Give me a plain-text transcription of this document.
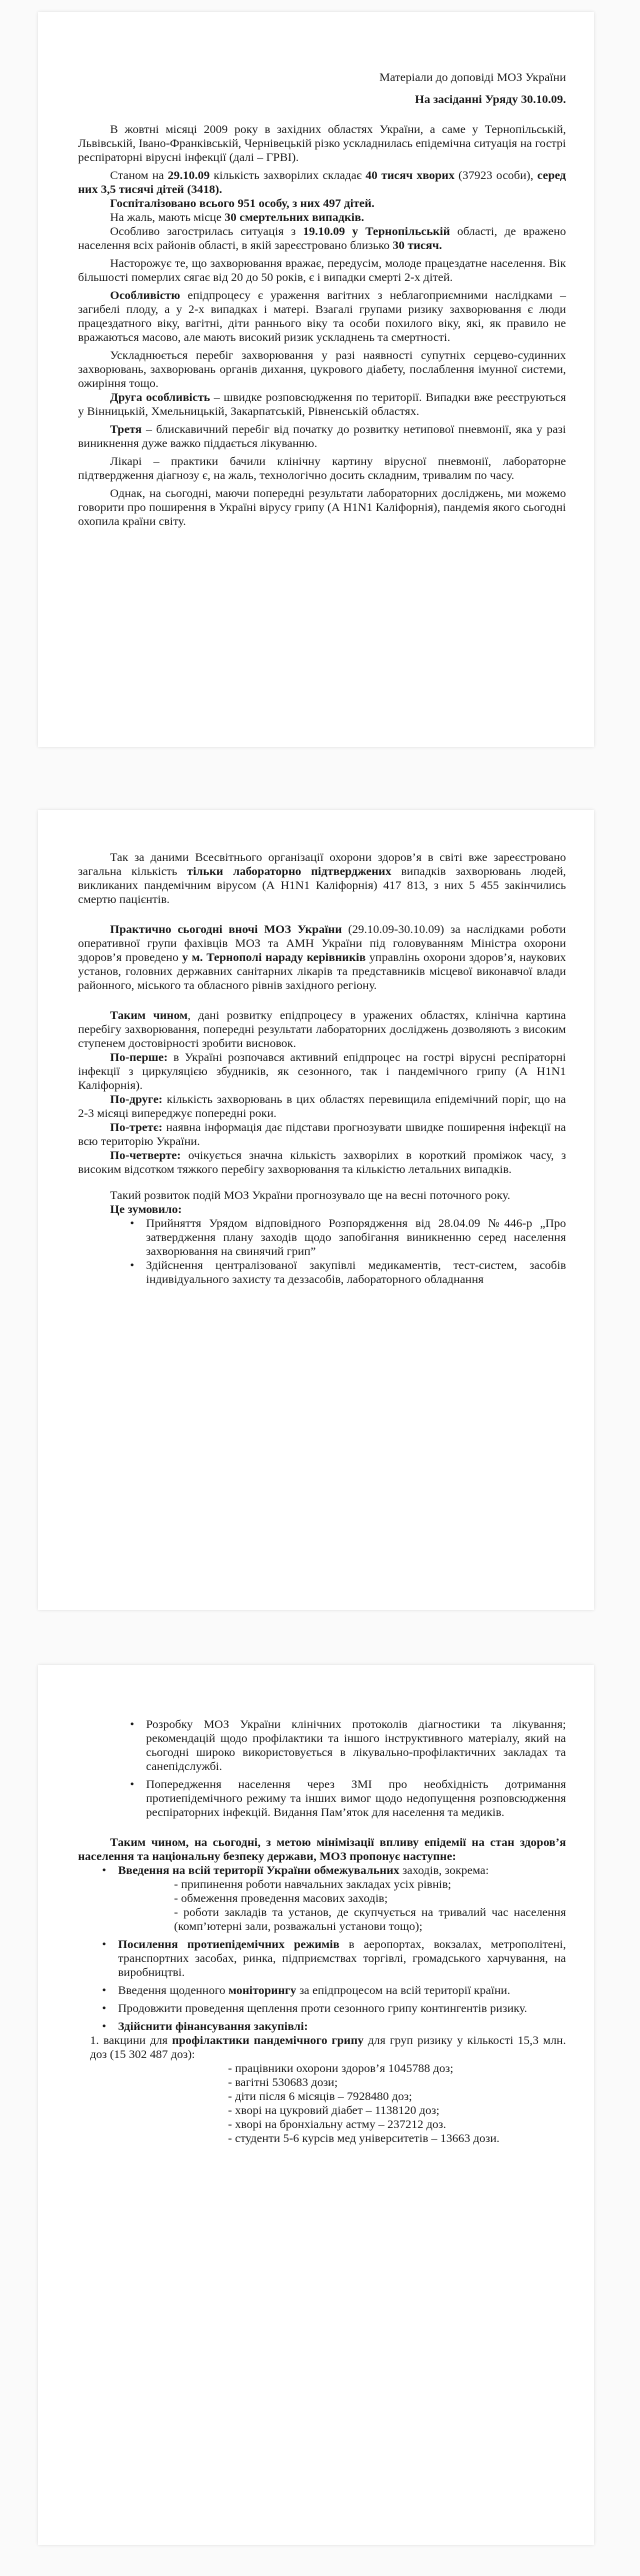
Матеріали до доповіді МОЗ України

На засіданні Уряду 30.10.09.

В жовтні місяці 2009 року в західних областях України, а саме у Тернопільській, Львівській, Івано-Франківській, Чернівецькій різко ускладнилась епідемічна ситуація на гострі респіраторні вірусні інфекції (далі – ГРВІ).

Станом на 29.10.09 кількість захворілих складає 40 тисяч хворих (37923 особи), серед них 3,5 тисячі дітей (3418).

Госпіталізовано всього 951 особу, з них 497 дітей.

На жаль, мають місце 30 смертельних випадків.

Особливо загострилась ситуація з 19.10.09 у Тернопільській області, де вражено населення всіх районів області, в якій зареєстровано близько 30 тисяч.

Насторожує те, що захворювання вражає, передусім, молоде працездатне населення. Вік більшості померлих сягає від 20 до 50 років, є і випадки смерті 2-х дітей.

Особливістю епідпроцесу є ураження вагітних з неблагоприємними наслідками – загибелі плоду, а у 2-х випадках і матері. Взагалі групами ризику захворювання є люди працездатного віку, вагітні, діти раннього віку та особи похилого віку, які, як правило не вражаються масово, але мають високий ризик ускладнень та смертності.

Ускладнюється перебіг захворювання у разі наявності супутніх серцево-судинних захворювань, захворювань органів дихання, цукрового діабету, послаблення імунної системи, ожиріння тощо.

Друга особливість – швидке розповсюдження по території. Випадки вже реєструються у Вінницькій, Хмельницькій, Закарпатській, Рівненській областях.

Третя – блискавичний перебіг від початку до розвитку нетипової пневмонії, яка у разі виникнення дуже важко піддається лікуванню.

Лікарі – практики бачили клінічну картину вірусної пневмонії, лабораторне підтвердження діагнозу є, на жаль, технологічно досить складним, тривалим по часу.

Однак, на сьогодні, маючи попередні результати лабораторних досліджень, ми можемо говорити про поширення в Україні вірусу грипу (А H1N1 Каліфорнія), пандемія якого сьогодні охопила країни світу.

Так за даними Всесвітнього організації охорони здоров’я в світі вже зареєстровано загальна кількість тільки лабораторно підтверджених випадків захворювань людей, викликаних пандемічним вірусом (А H1N1 Каліфорнія) 417 813, з них 5 455 закінчились смертю пацієнтів.

Практично сьогодні вночі МОЗ України (29.10.09-30.10.09) за наслідками роботи оперативної групи фахівців МОЗ та АМН України під головуванням Міністра охорони здоров’я проведено у м. Тернополі нараду керівників управлінь охорони здоров’я, наукових установ, головних державних санітарних лікарів та представників місцевої виконавчої влади районного, міського та обласного рівнів західного регіону.

Таким чином, дані розвитку епідпроцесу в уражених областях, клінічна картина перебігу захворювання, попередні результати лабораторних досліджень дозволяють з високим ступенем достовірності зробити висновок.

По-перше: в Україні розпочався активний епідпроцес на гострі вірусні респіраторні інфекції з циркуляцією збудників, як сезонного, так і пандемічного грипу (А H1N1 Каліфорнія).

По-друге: кількість захворювань в цих областях перевищила епідемічний поріг, що на 2-3 місяці випереджує попередні роки.

По-третє: наявна інформація дає підстави прогнозувати швидке поширення інфекції на всю територію України.

По-четверте: очікується значна кількість захворілих в короткий проміжок часу, з високим відсотком тяжкого перебігу захворювання та кількістю летальних випадків.

Такий розвиток подій МОЗ України прогнозувало ще на весні поточного року.

Це зумовило:

• Прийняття Урядом відповідного Розпорядження від 28.04.09 №446-р „Про затвердження плану заходів щодо запобігання виникненню серед населення захворювання на свинячий грип”
• Здійснення централізованої закупівлі медикаментів, тест-систем, засобів індивідуального захисту та деззасобів, лабораторного обладнання
• Розробку МОЗ України клінічних протоколів діагностики та лікування; рекомендацій щодо профілактики та іншого інструктивного матеріалу, який на сьогодні широко використовується в лікувально-профілактичних закладах та санепідслужбі.
• Попередження населення через ЗМІ про необхідність дотримання протиепідемічного режиму та інших вимог щодо недопущення розповсюдження респіраторних інфекцій. Видання Пам’яток для населення та медиків.

Таким чином, на сьогодні, з метою мінімізації впливу епідемії на стан здоров’я населення та національну безпеку держави, МОЗ пропонує наступне:

• Введення на всій території України обмежувальних заходів, зокрема:

- припинення роботи навчальних закладах усіх рівнів;

- обмеження проведення масових заходів;

- роботи закладів та установ, де скупчується на тривалий час населення (комп’ютерні зали, розважальні установи тощо);

• Посилення протиепідемічних режимів в аеропортах, вокзалах, метрополітені, транспортних засобах, ринка, підприємствах торгівлі, громадського харчування, на виробництві.
• Введення щоденного моніторингу за епідпроцесом на всій території країни.
• Продовжити проведення щеплення проти сезонного грипу контингентів ризику.
• Здійснити фінансування закупівлі:

1. вакцини для профілактики пандемічного грипу для груп ризику у кількості 15,3 млн. доз (15 302 487 доз):

- працівники охорони здоров’я 1045788 доз;

- вагітні 530683 дози;

- діти після 6 місяців – 7928480 доз;

- хворі на цукровий діабет – 1138120 доз;

- хворі на бронхіальну астму – 237212 доз.

- студенти 5-6 курсів мед університетів – 13663 дози.
